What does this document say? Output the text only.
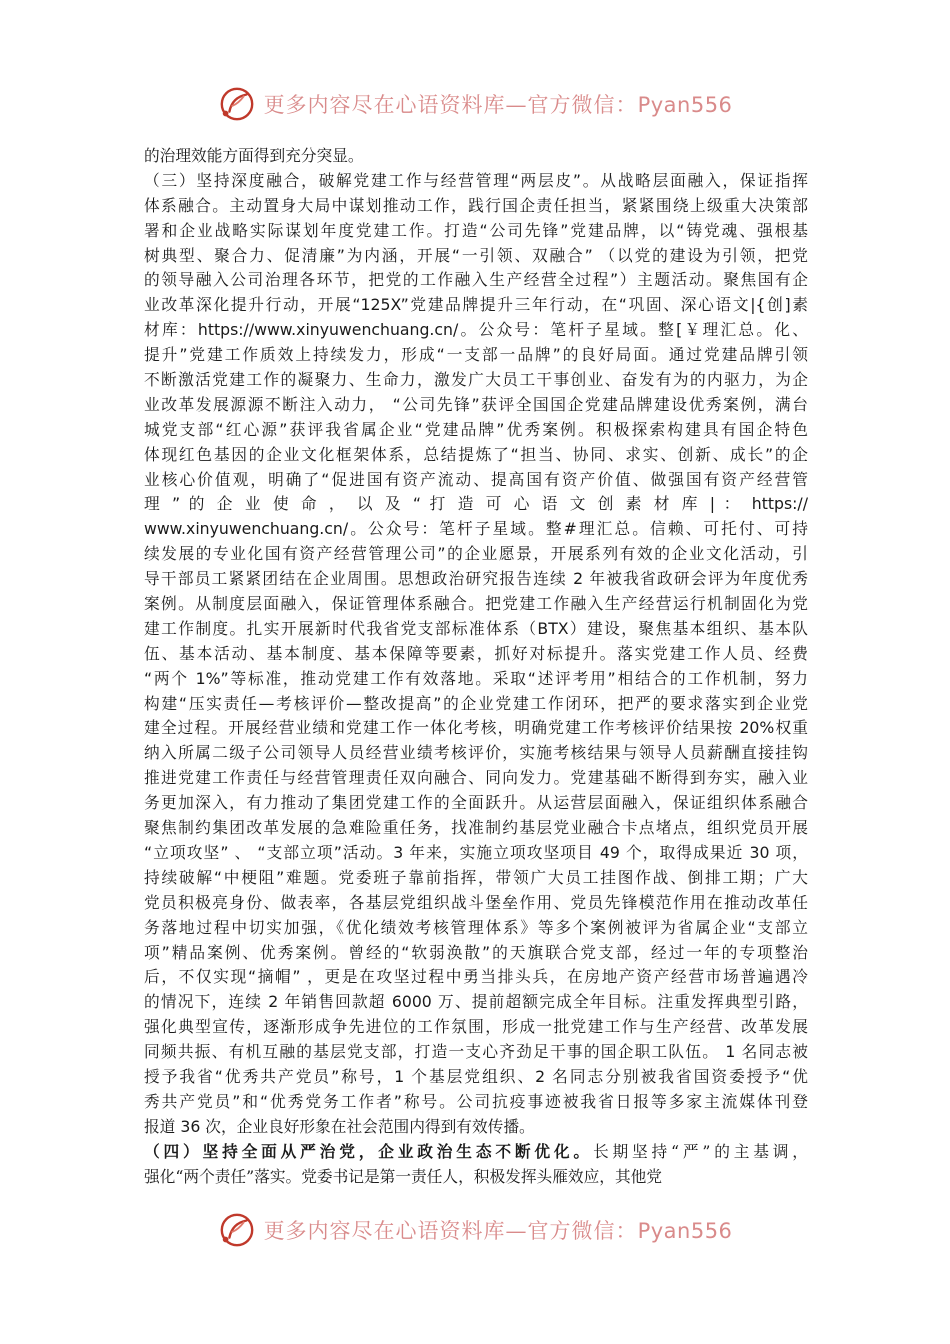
更多内容尽在心语资料库—官方微信：Pyan556
的治理效能方面得到充分突显。
（三）坚持深度融合，破解党建工作与经营管理“两层皮”。从战略层面融入，保证指挥
体系融合。主动置身大局中谋划推动工作，践行国企责任担当，紧紧围绕上级重大决策部
署和企业战略实际谋划年度党建工作。打造“公司先锋”党建品牌，以“铸党魂、强根基
树典型、聚合力、促清廉”为内涵，开展“一引领、双融合” （以党的建设为引领，把党
的领导融入公司治理各环节，把党的工作融入生产经营全过程”）主题活动。聚焦国有企
业改革深化提升行动，开展“125X”党建品牌提升三年行动，在“巩固、深心语文|{创]素
材库：https://www.xinyuwenchuang.cn/。公众号：笔杆子星域。整[￥理汇总。化、
提升”党建工作质效上持续发力，形成“一支部一品牌”的良好局面。通过党建品牌引领
不断激活党建工作的凝聚力、生命力，激发广大员工干事创业、奋发有为的内驱力，为企
业改革发展源源不断注入动力， “公司先锋”获评全国国企党建品牌建设优秀案例，满台
城党支部“红心源”获评我省属企业“党建品牌”优秀案例。积极探索构建具有国企特色
体现红色基因的企业文化框架体系，总结提炼了“担当、协同、求实、创新、成长”的企
业核心价值观，明确了“促进国有资产流动、提高国有资产价值、做强国有资产经营管
理 ” 的 企 业 使 命 ， 以 及 “ 打 造 可 心 语 文 创 素 材 库 | ： https://
www.xinyuwenchuang.cn/。公众号：笔杆子星域。整#理汇总。信赖、可托付、可持
续发展的专业化国有资产经营管理公司”的企业愿景，开展系列有效的企业文化活动，引
导干部员工紧紧团结在企业周围。思想政治研究报告连续 2 年被我省政研会评为年度优秀
案例。从制度层面融入，保证管理体系融合。把党建工作融入生产经营运行机制固化为党
建工作制度。扎实开展新时代我省党支部标准体系（BTX）建设，聚焦基本组织、基本队
伍、基本活动、基本制度、基本保障等要素，抓好对标提升。落实党建工作人员、经费
“两个 1%”等标准，推动党建工作有效落地。采取“述评考用”相结合的工作机制，努力
构建“压实责任—考核评价—整改提高”的企业党建工作闭环，把严的要求落实到企业党
建全过程。开展经营业绩和党建工作一体化考核，明确党建工作考核评价结果按 20%权重
纳入所属二级子公司领导人员经营业绩考核评价，实施考核结果与领导人员薪酬直接挂钩
推进党建工作责任与经营管理责任双向融合、同向发力。党建基础不断得到夯实，融入业
务更加深入，有力推动了集团党建工作的全面跃升。从运营层面融入，保证组织体系融合
聚焦制约集团改革发展的急难险重任务，找准制约基层党业融合卡点堵点，组织党员开展
“立项攻坚” 、 “支部立项”活动。3 年来，实施立项攻坚项目 49 个，取得成果近 30 项，
持续破解“中梗阻”难题。党委班子靠前指挥，带领广大员工挂图作战、倒排工期；广大
党员积极亮身份、做表率，各基层党组织战斗堡垒作用、党员先锋模范作用在推动改革任
务落地过程中切实加强，《优化绩效考核管理体系》等多个案例被评为省属企业“支部立
项”精品案例、优秀案例。曾经的“软弱涣散”的天旗联合党支部，经过一年的专项整治
后，不仅实现“摘帽” ，更是在攻坚过程中勇当排头兵，在房地产资产经营市场普遍遇冷
的情况下，连续 2 年销售回款超 6000 万、提前超额完成全年目标。注重发挥典型引路，
强化典型宣传，逐渐形成争先进位的工作氛围，形成一批党建工作与生产经营、改革发展
同频共振、有机互融的基层党支部，打造一支心齐劲足干事的国企职工队伍。 1 名同志被
授予我省“优秀共产党员”称号，1 个基层党组织、2 名同志分别被我省国资委授予“优
秀共产党员”和“优秀党务工作者”称号。公司抗疫事迹被我省日报等多家主流媒体刊登
报道 36 次，企业良好形象在社会范围内得到有效传播。
（四）坚持全面从严治党，企业政治生态不断优化。长期坚持“严”的主基调，
强化“两个责任”落实。党委书记是第一责任人，积极发挥头雁效应，其他党
更多内容尽在心语资料库—官方微信：Pyan556
